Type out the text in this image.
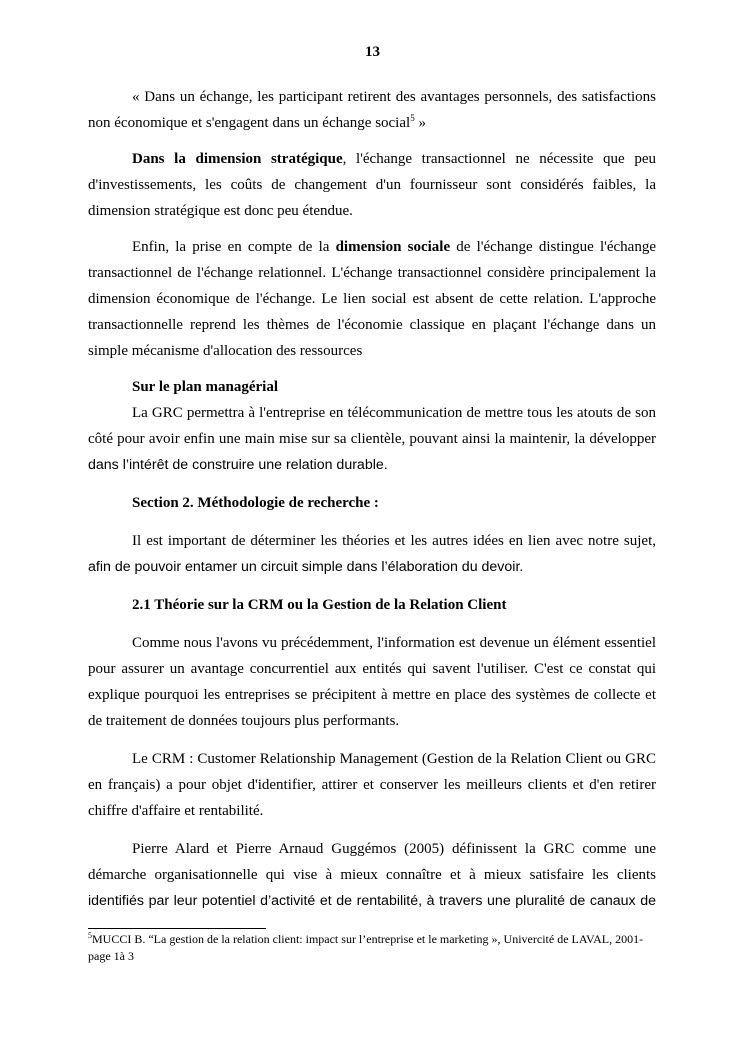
13

« Dans un échange, les participant retirent des avantages personnels, des satisfactions non économique et s'engagent dans un échange social$^5$ »

Dans la dimension stratégique, l'échange transactionnel ne nécessite que peu d'investissements, les coûts de changement d'un fournisseur sont considérés faibles, la dimension stratégique est donc peu étendue.

Enfin, la prise en compte de la dimension sociale de l'échange distingue l'échange transactionnel de l'échange relationnel. L'échange transactionnel considère principalement la dimension économique de l'échange. Le lien social est absent de cette relation. L'approche transactionnelle reprend les thèmes de l'économie classique en plaçant l'échange dans un simple mécanisme d'allocation des ressources

Sur le plan managérial

La GRC permettra à l'entreprise en télécommunication de mettre tous les atouts de son côté pour avoir enfin une main mise sur sa clientèle, pouvant ainsi la maintenir, la développer

dans l’intérêt de construire une relation durable.

Section 2. Méthodologie de recherche :

Il est important de déterminer les théories et les autres idées en lien avec notre sujet,

afin de pouvoir entamer un circuit simple dans l’élaboration du devoir.

2.1 Théorie sur la CRM ou la Gestion de la Relation Client

Comme nous l'avons vu précédemment, l'information est devenue un élément essentiel pour assurer un avantage concurrentiel aux entités qui savent l'utiliser. C'est ce constat qui explique pourquoi les entreprises se précipitent à mettre en place des systèmes de collecte et de traitement de données toujours plus performants.

Le CRM : Customer Relationship Management (Gestion de la Relation Client ou GRC en français) a pour objet d'identifier, attirer et conserver les meilleurs clients et d'en retirer chiffre d'affaire et rentabilité.

Pierre Alard et Pierre Arnaud Guggémos (2005) définissent la GRC comme une démarche organisationnelle qui vise à mieux connaître et à mieux satisfaire les clients

identifiés par leur potentiel d’activité et de rentabilité, à travers une pluralité de canaux de
$^5$MUCCI B. “La gestion de la relation client: impact sur l’entreprise et le marketing », Univercité de LAVAL, 2001- page 1à 3
